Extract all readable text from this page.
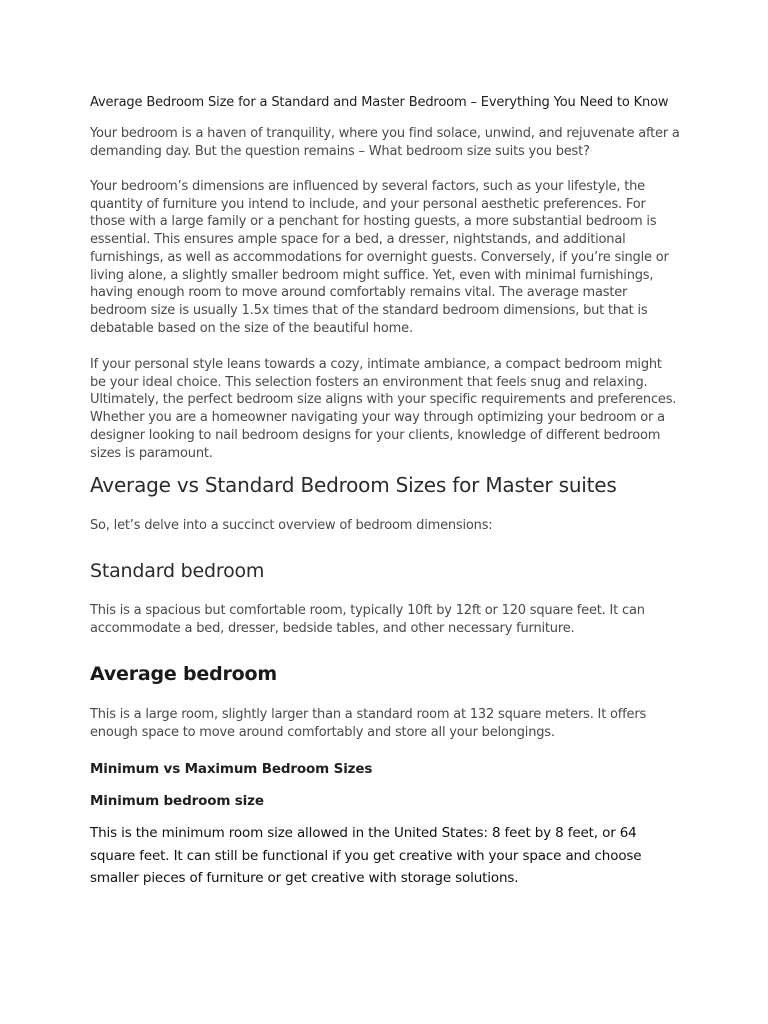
Average Bedroom Size for a Standard and Master Bedroom – Everything You Need to Know

Your bedroom is a haven of tranquility, where you find solace, unwind, and rejuvenate after a demanding day. But the question remains – What bedroom size suits you best?

Your bedroom’s dimensions are influenced by several factors, such as your lifestyle, the quantity of furniture you intend to include, and your personal aesthetic preferences. For those with a large family or a penchant for hosting guests, a more substantial bedroom is essential. This ensures ample space for a bed, a dresser, nightstands, and additional furnishings, as well as accommodations for overnight guests. Conversely, if you’re single or living alone, a slightly smaller bedroom might suffice. Yet, even with minimal furnishings, having enough room to move around comfortably remains vital. The average master bedroom size is usually 1.5x times that of the standard bedroom dimensions, but that is debatable based on the size of the beautiful home.

If your personal style leans towards a cozy, intimate ambiance, a compact bedroom might be your ideal choice. This selection fosters an environment that feels snug and relaxing. Ultimately, the perfect bedroom size aligns with your specific requirements and preferences. Whether you are a homeowner navigating your way through optimizing your bedroom or a designer looking to nail bedroom designs for your clients, knowledge of different bedroom sizes is paramount.

Average vs Standard Bedroom Sizes for Master suites

So, let’s delve into a succinct overview of bedroom dimensions:

Standard bedroom

This is a spacious but comfortable room, typically 10ft by 12ft or 120 square feet. It can accommodate a bed, dresser, bedside tables, and other necessary furniture.

Average bedroom

This is a large room, slightly larger than a standard room at 132 square meters. It offers enough space to move around comfortably and store all your belongings.

Minimum vs Maximum Bedroom Sizes
Minimum bedroom size

This is the minimum room size allowed in the United States: 8 feet by 8 feet, or 64 square feet. It can still be functional if you get creative with your space and choose smaller pieces of furniture or get creative with storage solutions.
